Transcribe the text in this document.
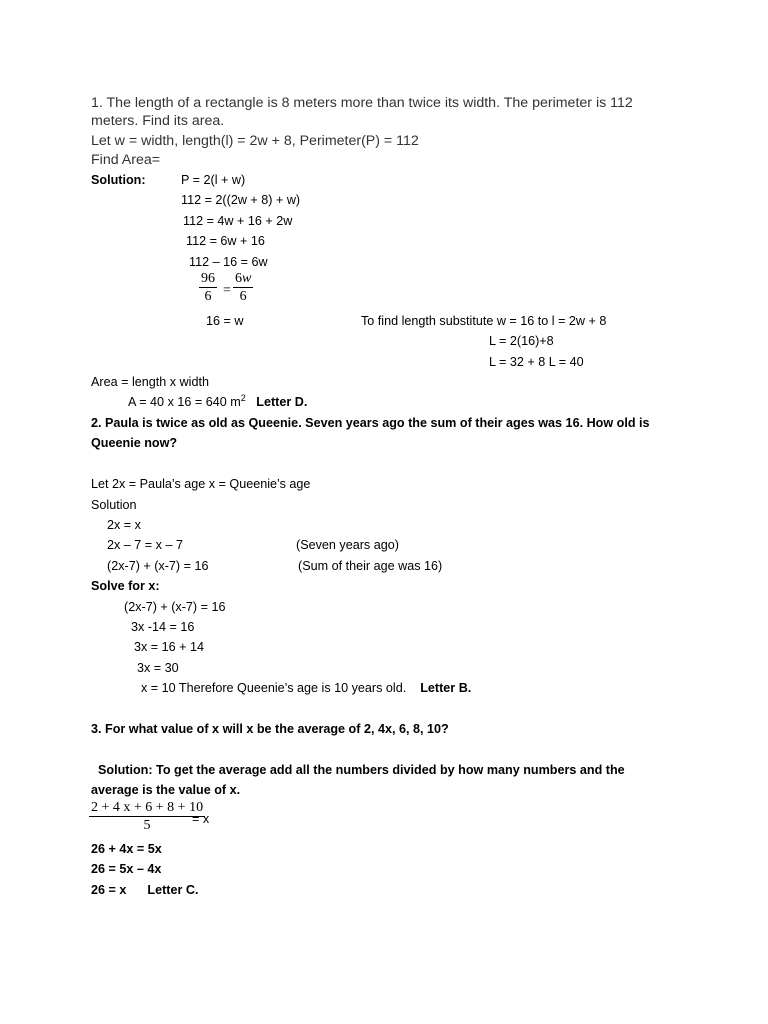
1. The length of a rectangle is 8 meters more than twice its width. The perimeter is 112
meters. Find its area.
Let w = width, length(l) = 2w + 8, Perimeter(P) = 112
Find Area=
Solution:	P = 2(l + w)
112 = 2((2w + 8) + w)
112 = 4w + 16 + 2w
112 = 6w + 16
112 – 16 = 6w
96
6 =
6w
6
16 = w	To find length substitute w = 16 to l = 2w + 8
L = 2(16)+8
L = 32 + 8 L = 40
Area = length x width
A = 40 x 16 = 640 $m^2$ Letter D.
2. Paula is twice as old as Queenie. Seven years ago the sum of their ages was 16. How old is
Queenie now?
Let 2x = Paula’s age x = Queenie’s age
Solution
2x = x
2x – 7 = x – 7	(Seven years ago)
(2x-7) + (x-7) = 16	(Sum of their age was 16)
Solve for x:
(2x-7) + (x-7) = 16
3x -14 = 16
3x = 16 + 14
3x = 30
x = 10 Therefore Queenie’s age is 10 years old. Letter B.
3. For what value of x will x be the average of 2, 4x, 6, 8, 10?
Solution: To get the average add all the numbers divided by how many numbers and the
average is the value of x.
2 + 4 x + 6 + 8 + 10
5	= x
26 + 4x = 5x
26 = 5x – 4x
26 = x Letter C.
